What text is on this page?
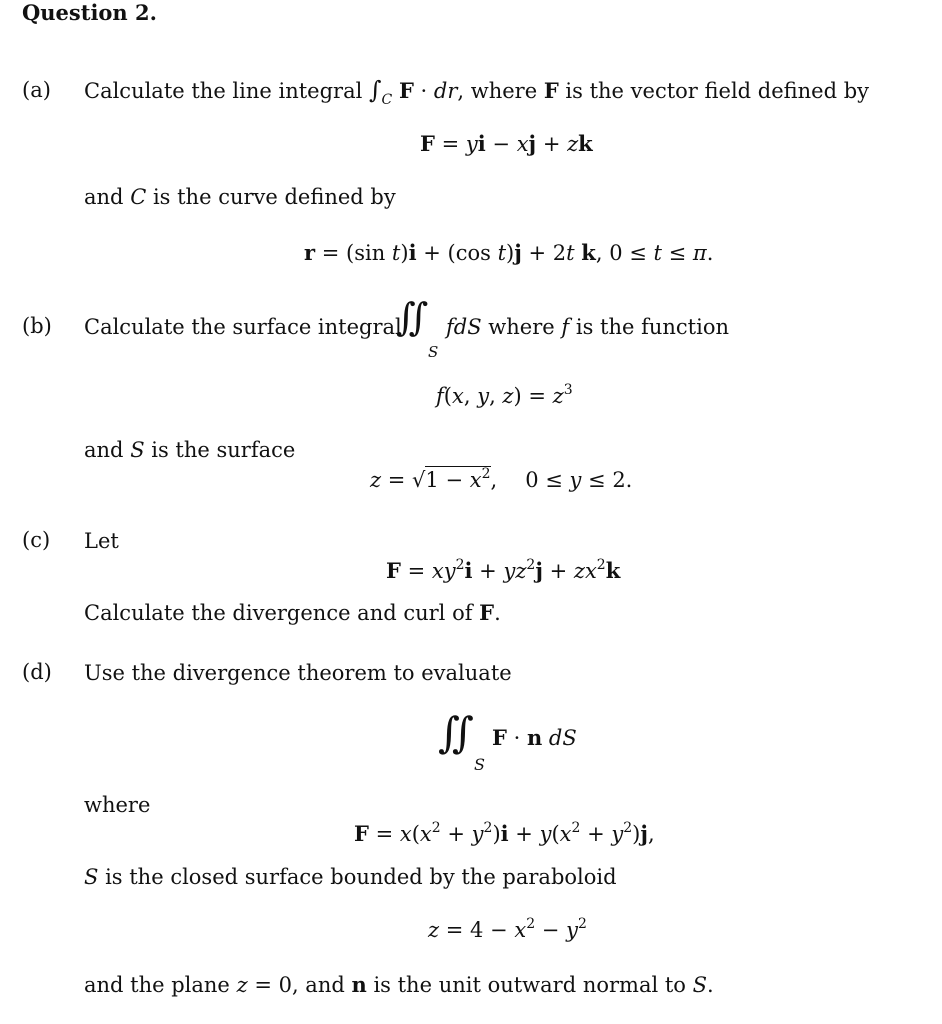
Question 2.
(a) Calculate the line integral $\int_C$ F · dr, where F is the vector field defined by
F = yi − xj + zk
and C is the curve defined by
r = (sin t)i + (cos t)j + 2t k, 0 ≤ t ≤ π.
(b) Calculate the surface integral
∬
S
fdS where f is the function
f(x, y, $z) = z^3$
and S is the surface
$z = √1 - x^2$, 0 ≤ y ≤ 2.
(c) Let
$F = xy^2i + yz^2j + zx^2k$
Calculate the divergence and curl of F.
(d) Use the divergence theorem to evaluate
∬
S
F · n dS
where
$F = x(x^2 + y^2)i + y(x^2 + y^2)j$,
S is the closed surface bounded by the paraboloid
$z = 4 - x^2 - y^2$
and the plane z = 0, and n is the unit outward normal to S.
